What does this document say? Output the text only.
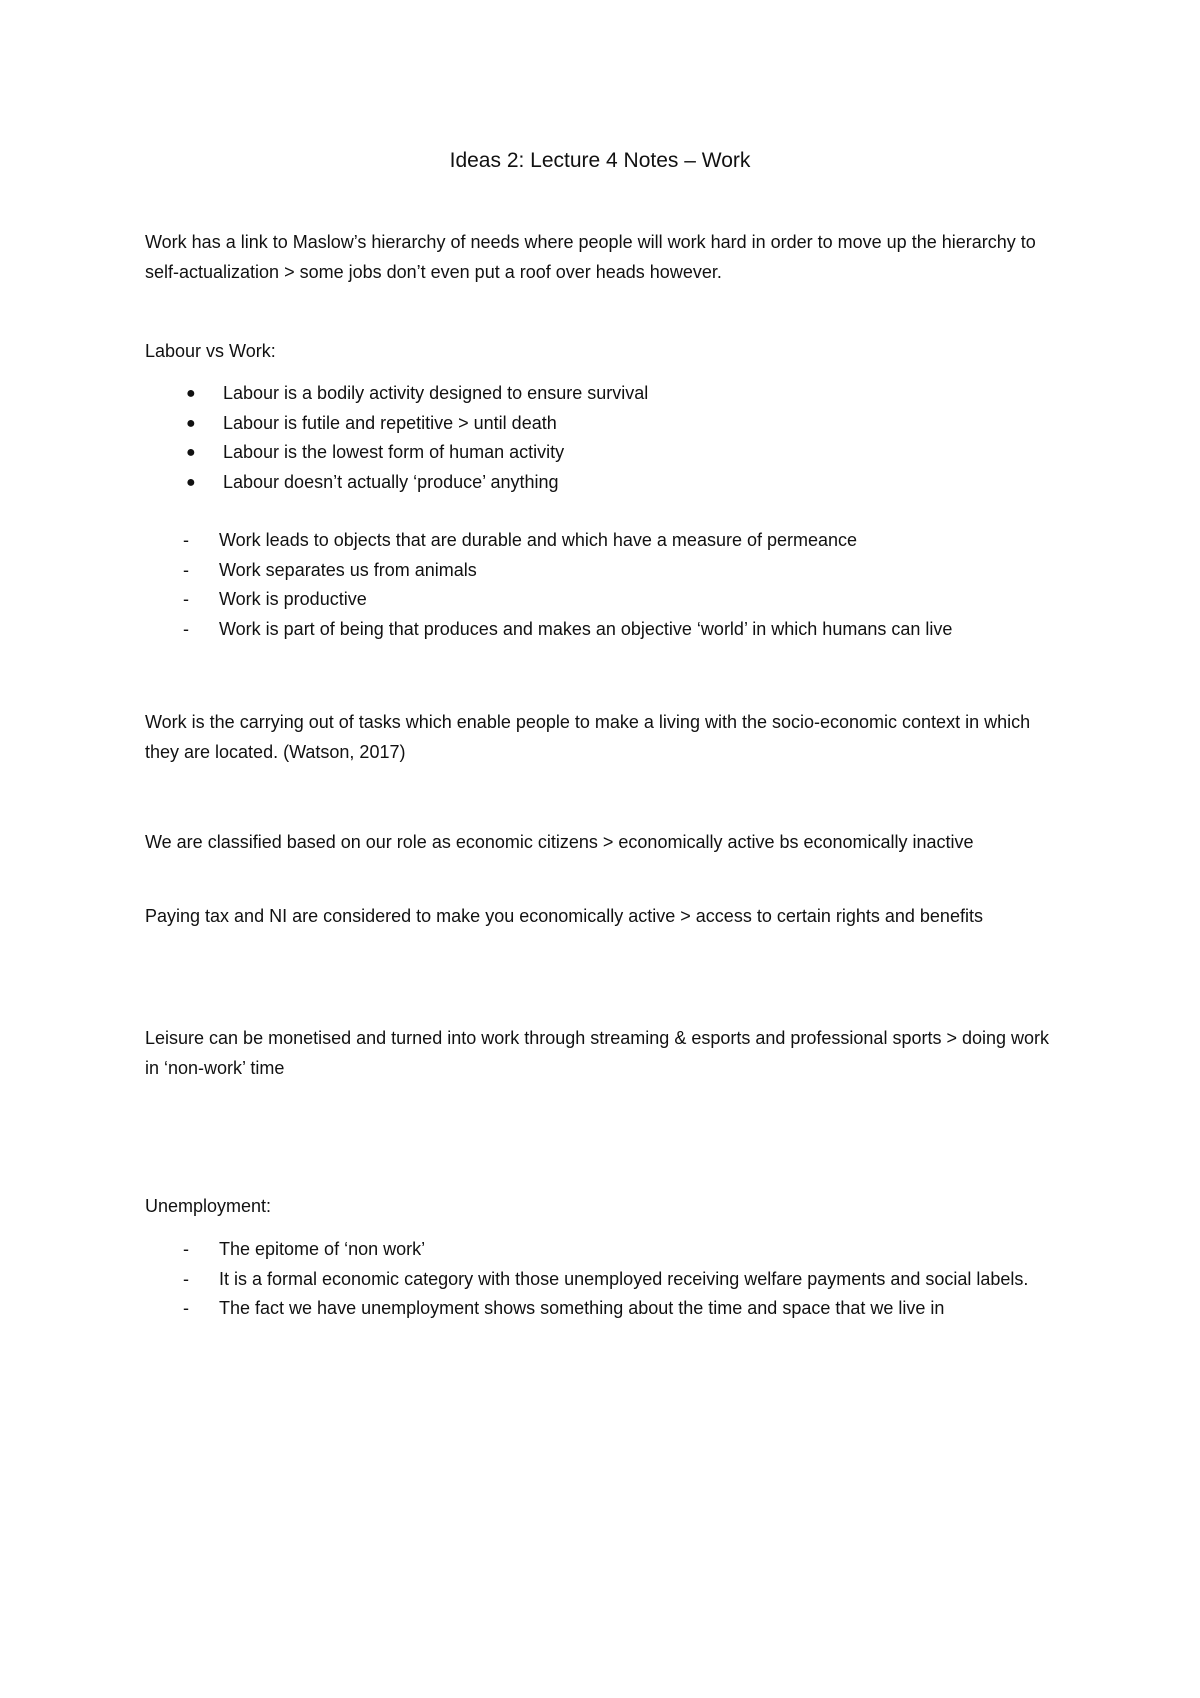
Ideas 2: Lecture 4 Notes – Work

Work has a link to Maslow’s hierarchy of needs where people will work hard in order to move up the hierarchy to self-actualization > some jobs don’t even put a roof over heads however.

Labour vs Work:

● Labour is a bodily activity designed to ensure survival
● Labour is futile and repetitive > until death
● Labour is the lowest form of human activity
● Labour doesn’t actually ‘produce’ anything
- Work leads to objects that are durable and which have a measure of permeance
- Work separates us from animals
- Work is productive
- Work is part of being that produces and makes an objective ‘world’ in which humans can live

Work is the carrying out of tasks which enable people to make a living with the socio-economic context in which they are located. (Watson, 2017)

We are classified based on our role as economic citizens > economically active bs economically inactive

Paying tax and NI are considered to make you economically active > access to certain rights and benefits

Leisure can be monetised and turned into work through streaming & esports and professional sports > doing work in ‘non-work’ time

Unemployment:

- The epitome of ‘non work’
- It is a formal economic category with those unemployed receiving welfare payments and social labels.
- The fact we have unemployment shows something about the time and space that we live in
